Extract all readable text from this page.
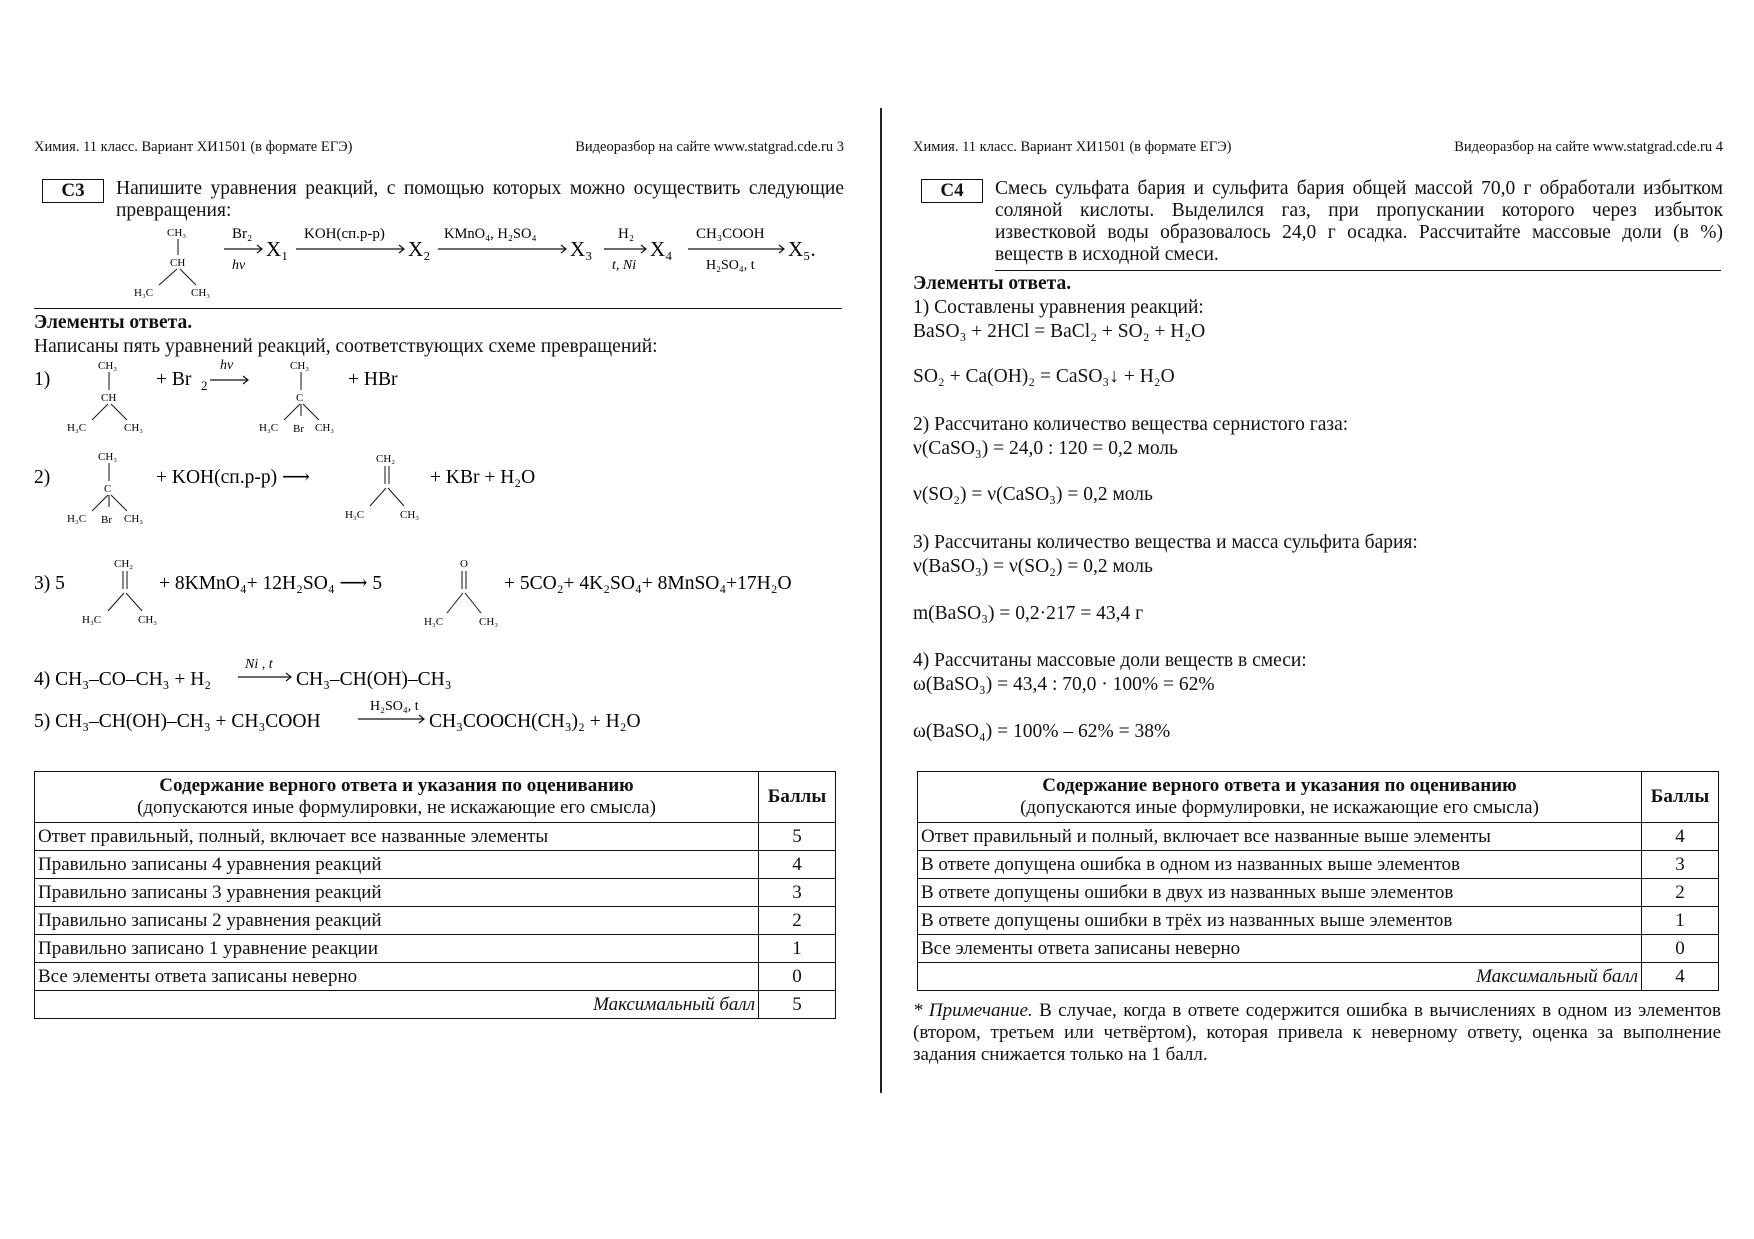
Химия. 11 класс. Вариант ХИ1501 (в формате ЕГЭ)	Видеоразбор на сайте www.statgrad.cde.ru 3
С3	Напишите уравнения реакций, с помощью которых можно осуществить следующие превращения:
CH₃
CH
H₃C	CH₃
Br₂
hν
X₁
KOH(сп.р-р)
X₂
KMnO₄, H₂SO₄
X₃
H₂
t, Ni
X₄
CH₃COOH
H₂SO₄, t
X₅.
Элементы ответа.
Написаны пять уравнений реакций, соответствующих схеме превращений:
1)
CH₃
CH
H₃C	CH₃
+ Br 2
hν	CH₃
C
H₃C Br CH₃
+ HBr
2)
CH₃
C
H₃C Br CH₃
+ KOH(сп.р-р) ⟶
CH₂
H₃C	CH₃
+ KBr + H₂O
3) 5
CH₂
H₃C	CH₃
+ 8KMnO₄+ 12H₂SO₄ ⟶ 5
O
H₃C	CH₃
+ 5CO₂+ 4K₂SO₄+ 8MnSO₄+17H₂O
4) CH₃–CO–CH₃ + H₂
Ni , t
CH₃–CH(OH)–CH₃
5) CH₃–CH(OH)–CH₃ + CH₃COOH
H₂SO₄, t
CH₃COOCH(CH₃)₂ + H₂O
Содержание верного ответа и указания по оцениванию
(допускаются иные формулировки, не искажающие его смысла)	Баллы
Ответ правильный, полный, включает все названные элементы	5
Правильно записаны 4 уравнения реакций	4
Правильно записаны 3 уравнения реакций	3
Правильно записаны 2 уравнения реакций	2
Правильно записано 1 уравнение реакции	1
Все элементы ответа записаны неверно	0
Максимальный балл	5
Химия. 11 класс. Вариант ХИ1501 (в формате ЕГЭ)	Видеоразбор на сайте www.statgrad.cde.ru 4
С4	Смесь сульфата бария и сульфита бария общей массой 70,0 г обработали избытком соляной кислоты. Выделился газ, при пропускании которого через избыток известковой воды образовалось 24,0 г осадка. Рассчитайте массовые доли (в %) веществ в исходной смеси.
Элементы ответа.
1) Составлены уравнения реакций:
BaSO₃ + 2HCl = BaCl₂ + SO₂ + H₂O
SO₂ + Ca(OH)₂ = CaSO₃↓ + H₂O
2) Рассчитано количество вещества сернистого газа:
ν(CaSO₃) = 24,0 : 120 = 0,2 моль
ν(SO₂) = ν(CaSO₃) = 0,2 моль
3) Рассчитаны количество вещества и масса сульфита бария:
ν(BaSO₃) = ν(SO₂) = 0,2 моль
m(BaSO₃) = 0,2·217 = 43,4 г
4) Рассчитаны массовые доли веществ в смеси:
ω(BaSO₃) = 43,4 : 70,0 · 100% = 62%
ω(BaSO₄) = 100% – 62% = 38%
Содержание верного ответа и указания по оцениванию
(допускаются иные формулировки, не искажающие его смысла)	Баллы
Ответ правильный и полный, включает все названные выше элементы	4
В ответе допущена ошибка в одном из названных выше элементов	3
В ответе допущены ошибки в двух из названных выше элементов	2
В ответе допущены ошибки в трёх из названных выше элементов	1
Все элементы ответа записаны неверно	0
Максимальный балл	4
* Примечание. В случае, когда в ответе содержится ошибка в вычислениях в одном из элементов (втором, третьем или четвёртом), которая привела к неверному ответу, оценка за выполнение задания снижается только на 1 балл.
